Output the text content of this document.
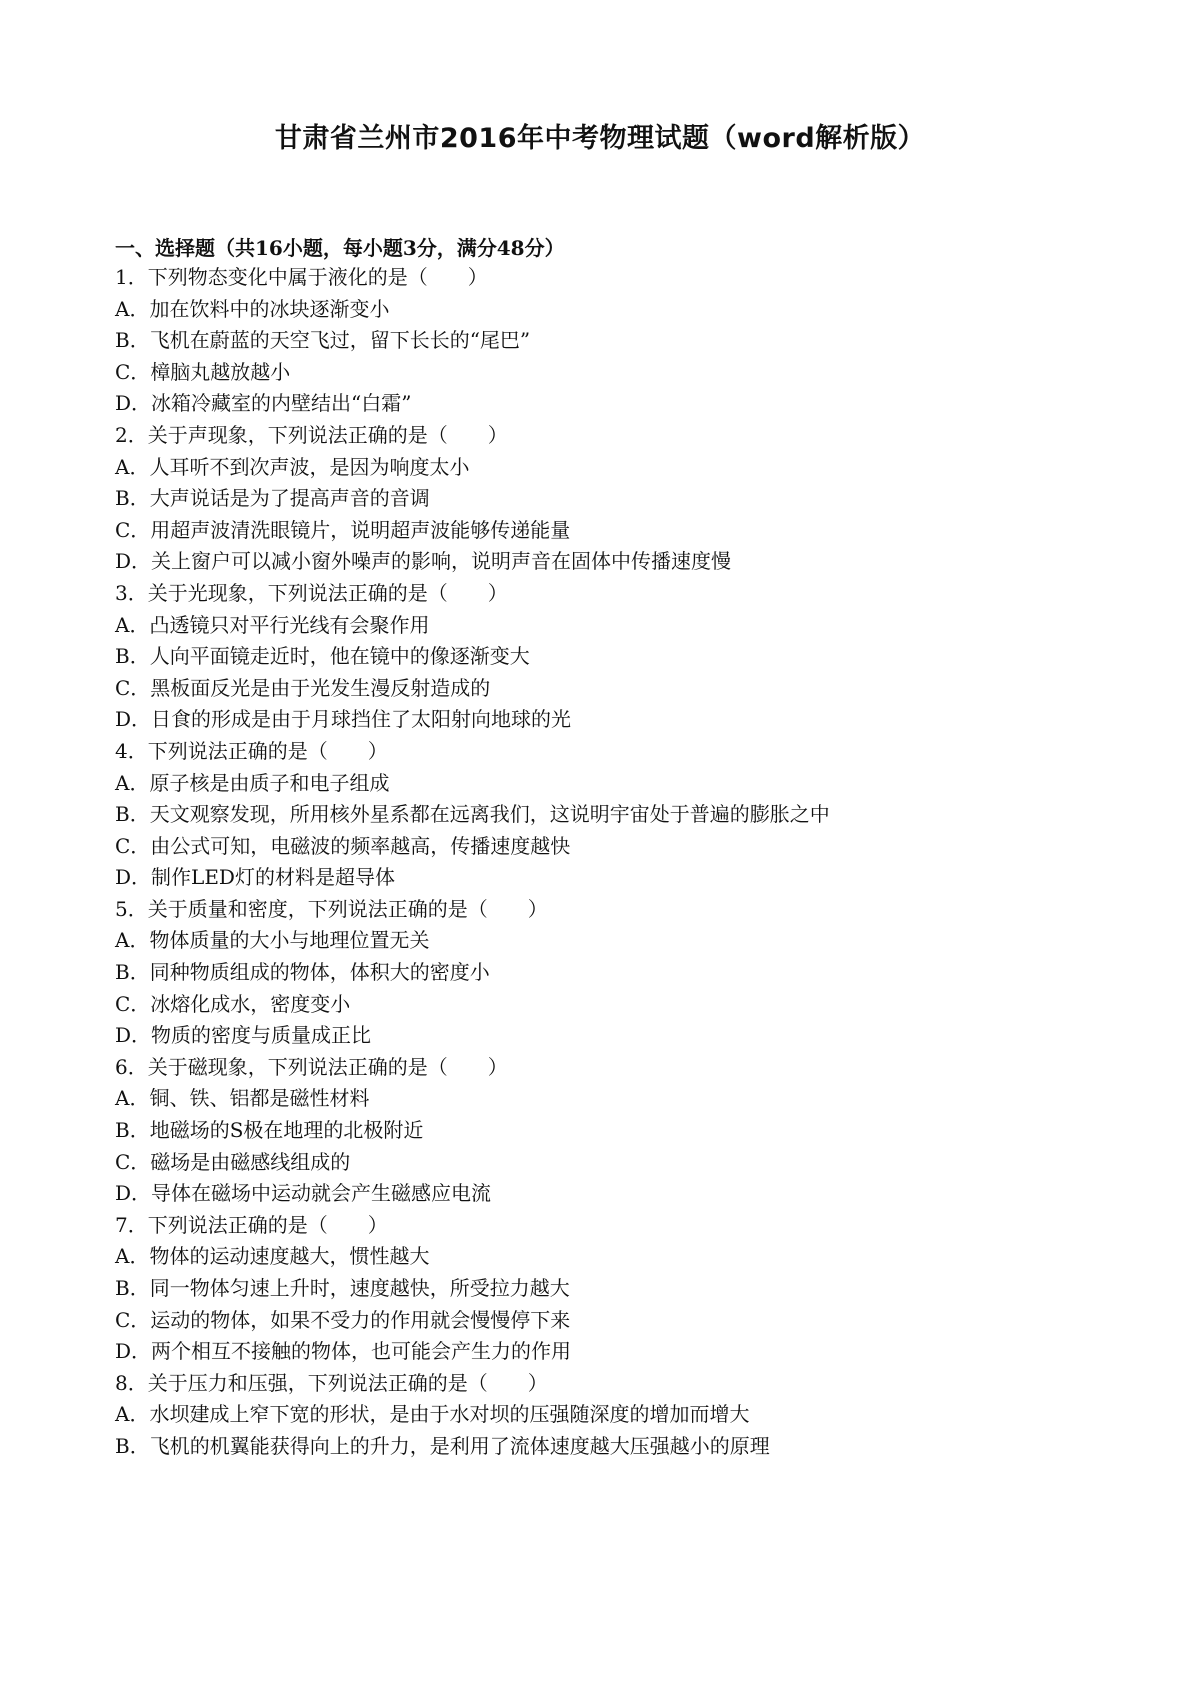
甘肃省兰州市2016年中考物理试题（word解析版）
一、选择题（共16小题，每小题3分，满分48分）
1．下列物态变化中属于液化的是（　　）
A．加在饮料中的冰块逐渐变小
B．飞机在蔚蓝的天空飞过，留下长长的“尾巴”
C．樟脑丸越放越小
D．冰箱冷藏室的内壁结出“白霜”
2．关于声现象，下列说法正确的是（　　）
A．人耳听不到次声波，是因为响度太小
B．大声说话是为了提高声音的音调
C．用超声波清洗眼镜片，说明超声波能够传递能量
D．关上窗户可以减小窗外噪声的影响，说明声音在固体中传播速度慢
3．关于光现象，下列说法正确的是（　　）
A．凸透镜只对平行光线有会聚作用
B．人向平面镜走近时，他在镜中的像逐渐变大
C．黑板面反光是由于光发生漫反射造成的
D．日食的形成是由于月球挡住了太阳射向地球的光
4．下列说法正确的是（　　）
A．原子核是由质子和电子组成
B．天文观察发现，所用核外星系都在远离我们，这说明宇宙处于普遍的膨胀之中
C．由公式可知，电磁波的频率越高，传播速度越快
D．制作LED灯的材料是超导体
5．关于质量和密度，下列说法正确的是（　　）
A．物体质量的大小与地理位置无关
B．同种物质组成的物体，体积大的密度小
C．冰熔化成水，密度变小
D．物质的密度与质量成正比
6．关于磁现象，下列说法正确的是（　　）
A．铜、铁、铝都是磁性材料
B．地磁场的S极在地理的北极附近
C．磁场是由磁感线组成的
D．导体在磁场中运动就会产生磁感应电流
7．下列说法正确的是（　　）
A．物体的运动速度越大，惯性越大
B．同一物体匀速上升时，速度越快，所受拉力越大
C．运动的物体，如果不受力的作用就会慢慢停下来
D．两个相互不接触的物体，也可能会产生力的作用
8．关于压力和压强，下列说法正确的是（　　）
A．水坝建成上窄下宽的形状，是由于水对坝的压强随深度的增加而增大
B．飞机的机翼能获得向上的升力，是利用了流体速度越大压强越小的原理
